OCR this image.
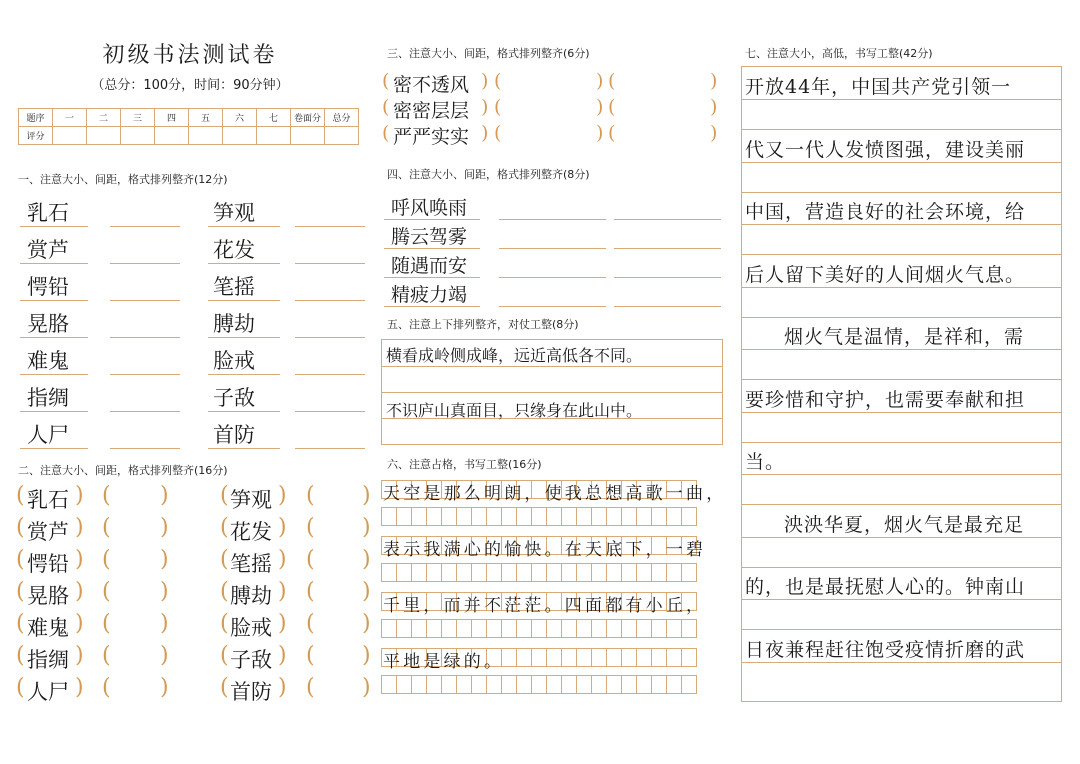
初级书法测试卷
（总分：100分，时间：90分钟）
题序	一	二	三	四	五	六	七	卷面分	总分
评分									
一、注意大小、间距，格式排列整齐(12分)
乳石	笋观
赏芦	花发
愕铅	笔摇
晃胳	膊劫
难鬼	脸戒
指绸	子敌
人尸	首防
二、注意大小、间距，格式排列整齐(16分)
( 乳石 ) ( ) ( 笋观 ) ( )
( 赏芦 ) ( ) ( 花发 ) ( )
( 愕铅 ) ( ) ( 笔摇 ) ( )
( 晃胳 ) ( ) ( 膊劫 ) ( )
( 难鬼 ) ( ) ( 脸戒 ) ( )
( 指绸 ) ( ) ( 子敌 ) ( )
( 人尸 ) ( ) ( 首防 ) ( )
三、注意大小、间距，格式排列整齐(6分)
( 密不透风 ) (	) (	)
( 密密层层 ) (	) (	)
( 严严实实 ) (	) (	)
四、注意大小、间距，格式排列整齐(8分)
呼风唤雨
腾云驾雾
随遇而安
精疲力竭
五、注意上下排列整齐，对仗工整(8分)
横看成岭侧成峰，远近高低各不同。
不识庐山真面目，只缘身在此山中。
六、注意占格，书写工整(16分)
天空是那么明朗，使我总想高歌一曲，
表示我满心的愉快。在天底下，一碧
千里，而并不茫茫。四面都有小丘，
平地是绿的。
七、注意大小，高低，书写工整(42分)
开放44年，中国共产党引领一
代又一代人发愤图强，建设美丽
中国，营造良好的社会环境，给
后人留下美好的人间烟火气息。
烟火气是温情，是祥和，需
要珍惜和守护，也需要奉献和担
当。
泱泱华夏，烟火气是最充足
的，也是最抚慰人心的。钟南山
日夜兼程赶往饱受疫情折磨的武
